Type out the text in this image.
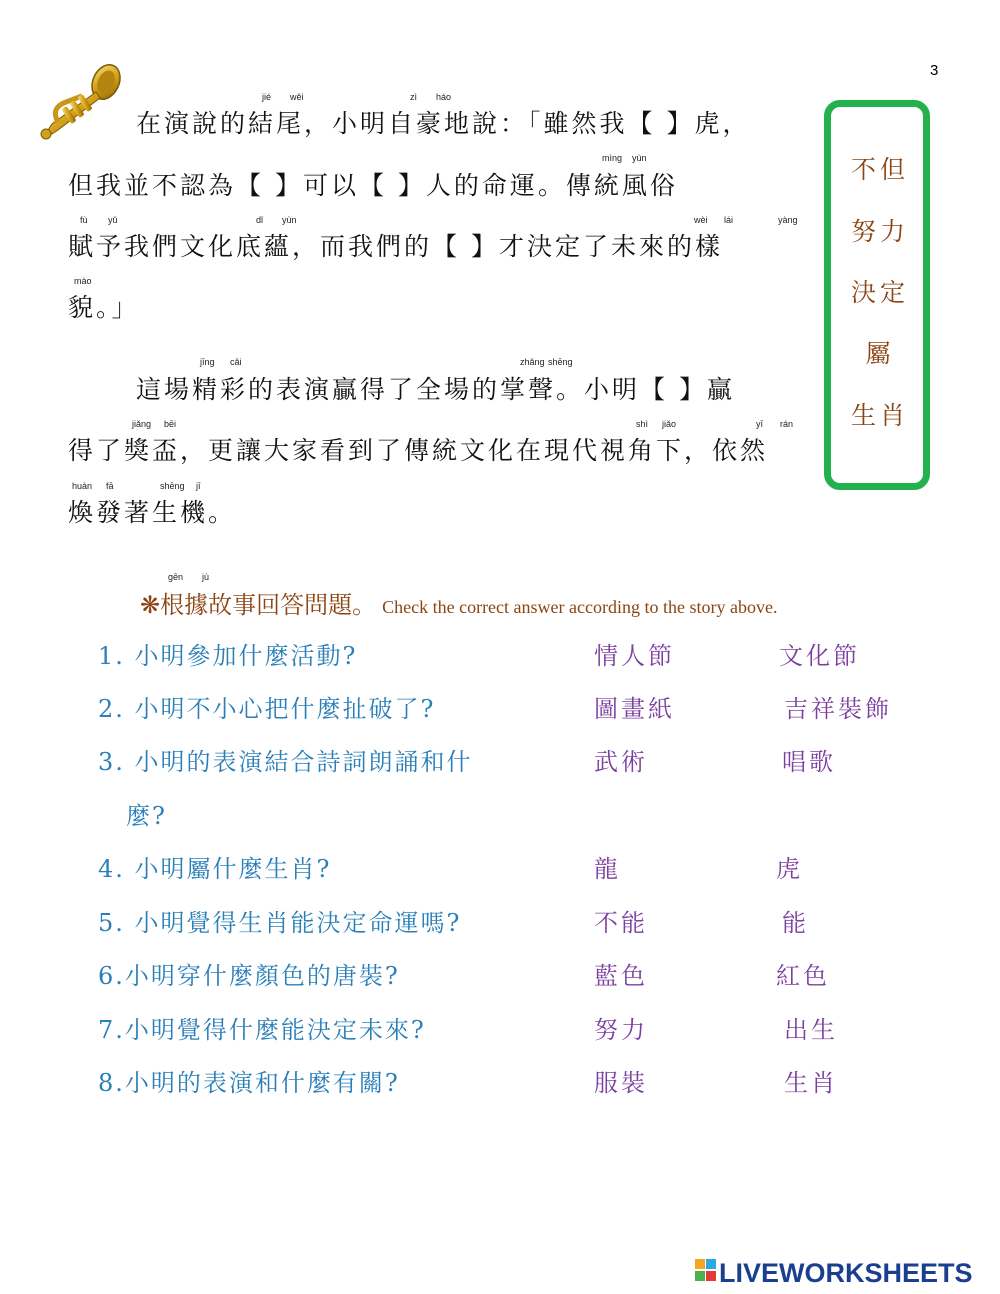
3
在演說的結尾，小明自豪地說：「雖然我【 】虎，
但我並不認為【 】可以【 】人的命運。傳統風俗
賦予我們文化底蘊，而我們的【 】才決定了未來的樣
貌。」
這場精彩的表演贏得了全場的掌聲。小明【 】贏
得了獎盃，更讓大家看到了傳統文化在現代視角下，依然
煥發著生機。
jié wěi	zì háo
mìng yùn
fù yǔ	dǐ yùn	wèi lái	yàng
mào
jīng cǎi	zhǎng shēng
jiǎng bēi	shì jiǎo	yī rán
huàn fā	shēng jī
不但
努力
決定
屬
生肖
gēn jù
❋根據故事回答問題。 Check the correct answer according to the story above.
1. 小明參加什麼活動?	情人節	文化節
2. 小明不小心把什麼扯破了?	圖畫紙	吉祥裝飾
3. 小明的表演結合詩詞朗誦和什
麼?
武術	唱歌
4. 小明屬什麼生肖?	龍	虎
5. 小明覺得生肖能決定命運嗎?	不能	能
6.小明穿什麼顏色的唐裝?	藍色	紅色
7.小明覺得什麼能決定未來?	努力	出生
8.小明的表演和什麼有關?	服裝	生肖
LIVEWORKSHEETS
